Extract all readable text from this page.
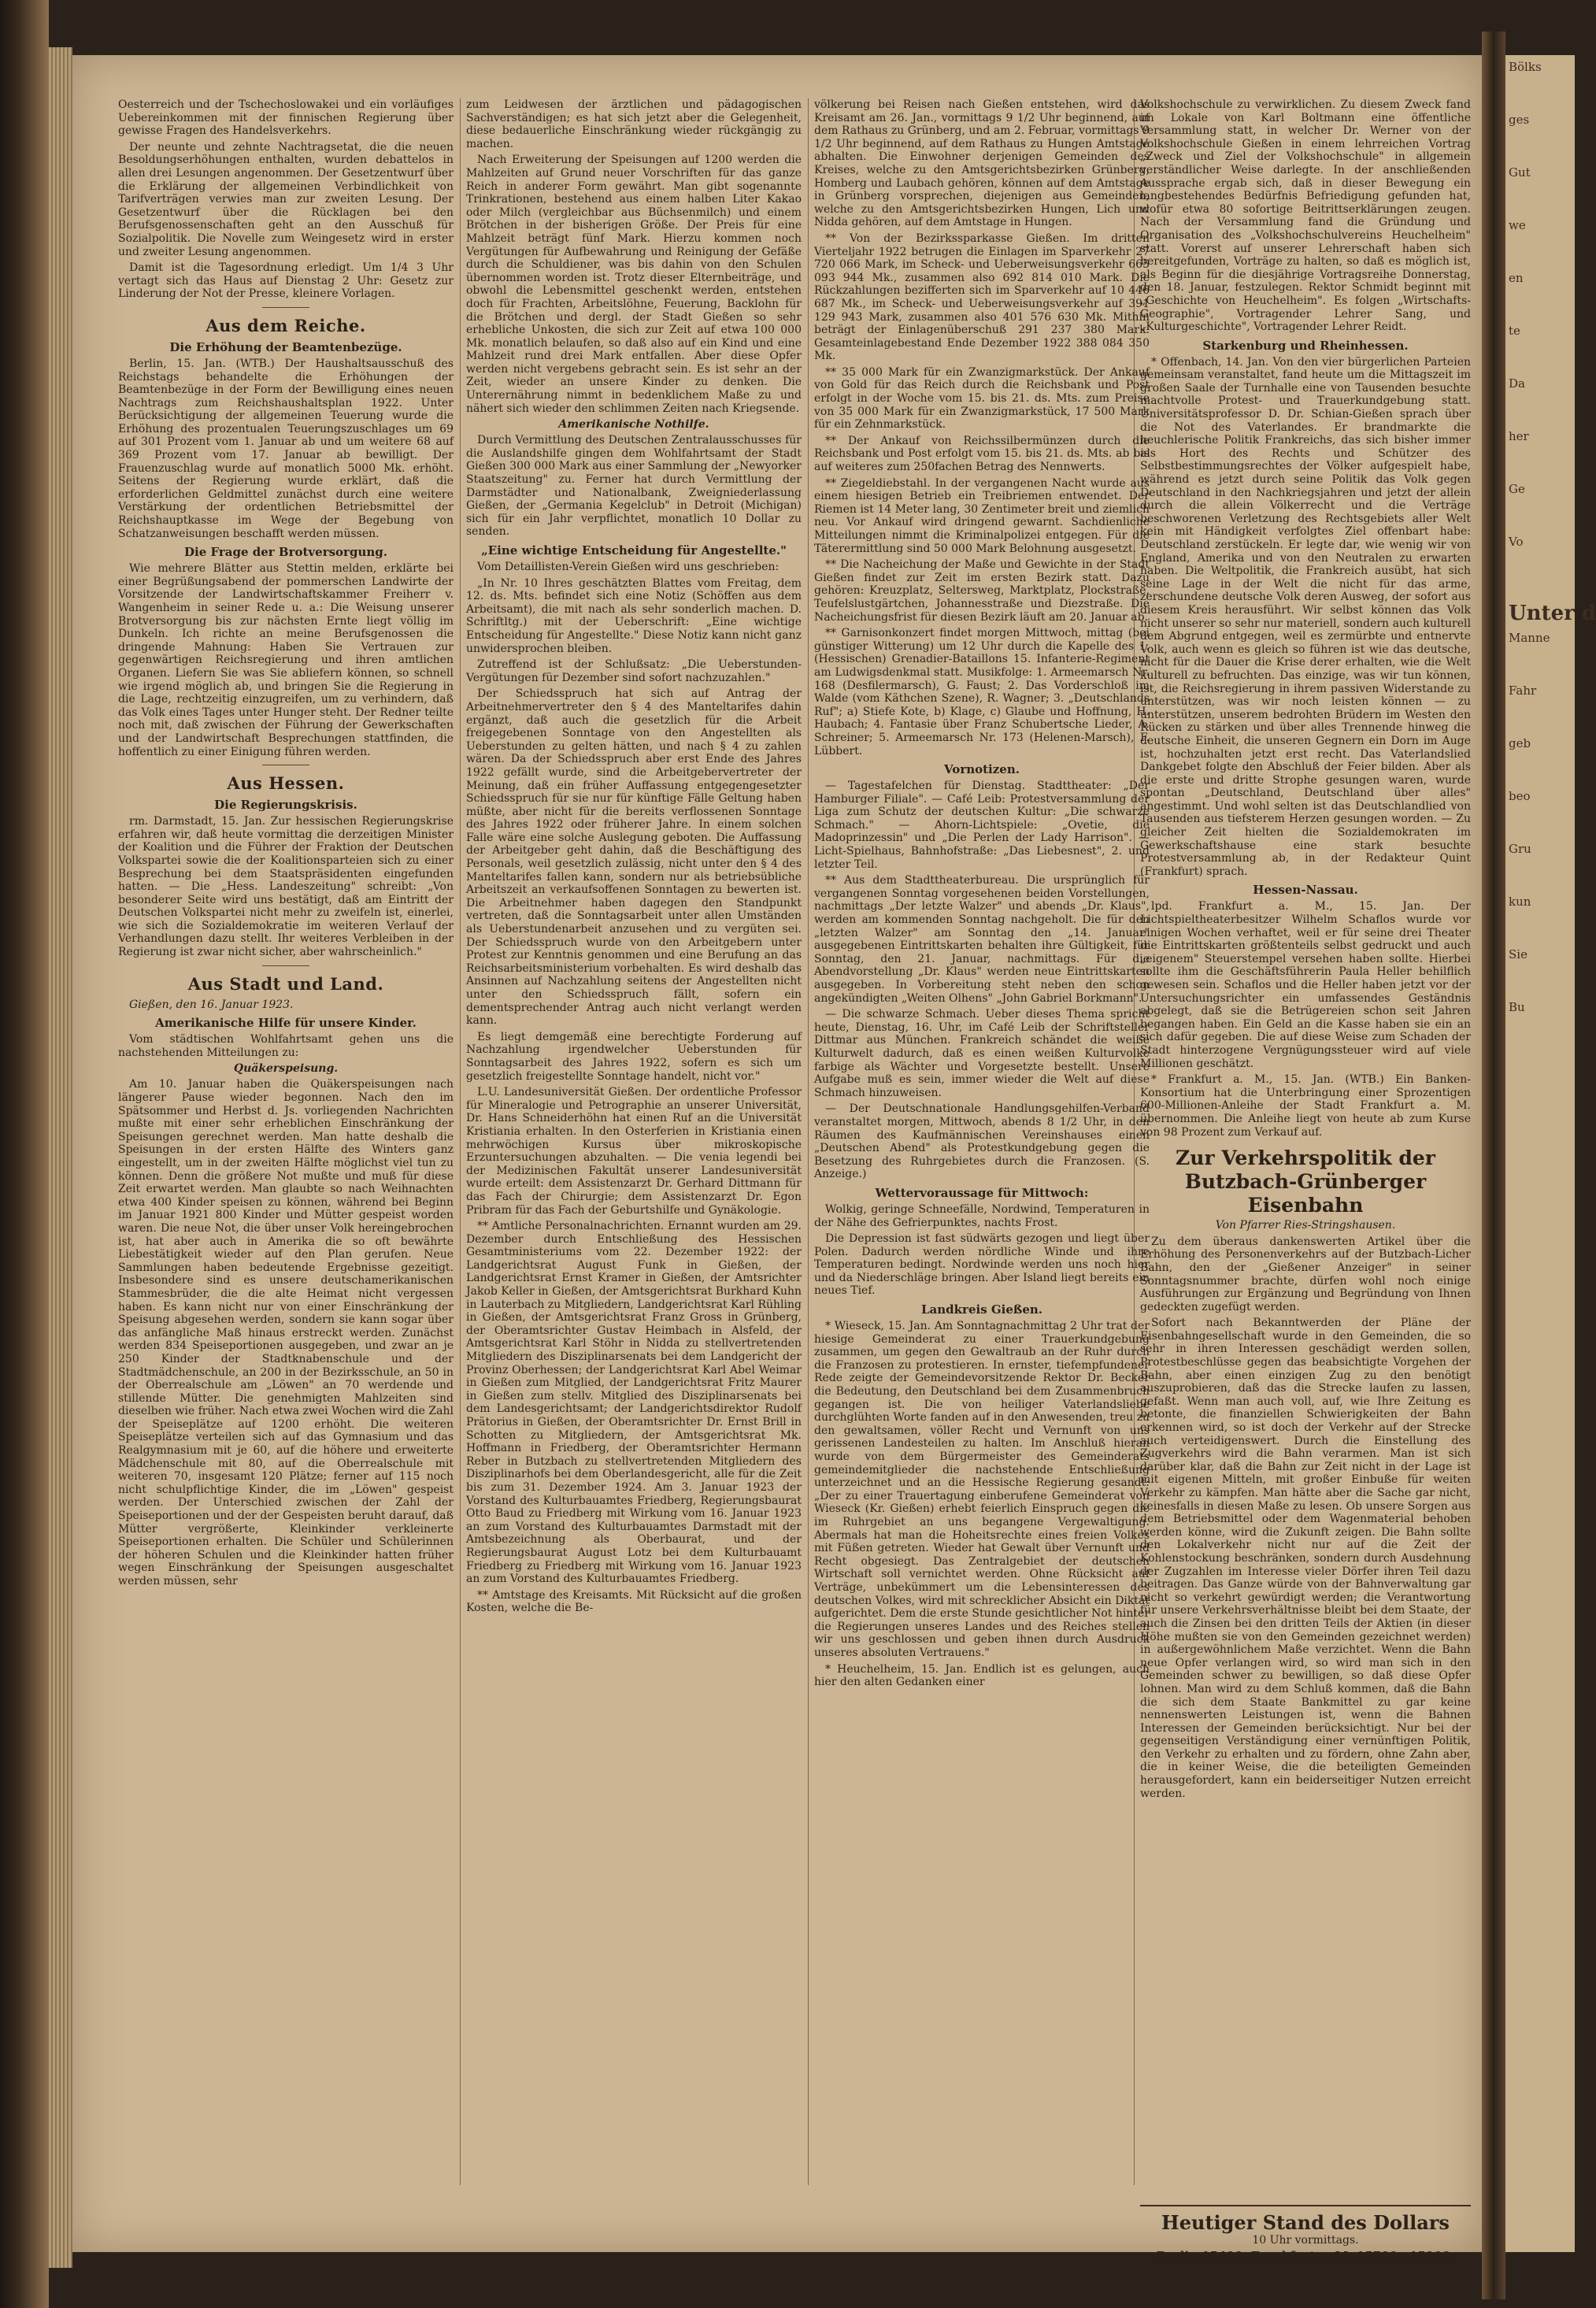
Oesterreich und der Tschechoslowakei und ein vorläufiges Uebereinkommen mit der finnischen Regierung über gewisse Fragen des Handelsverkehrs.

Der neunte und zehnte Nachtragsetat, die die neuen Besoldungserhöhungen enthalten, wurden debattelos in allen drei Lesungen angenommen. Der Gesetzentwurf über die Erklärung der allgemeinen Verbindlichkeit von Tarifverträgen verwies man zur zweiten Lesung. Der Gesetzentwurf über die Rücklagen bei den Berufsgenossenschaften geht an den Ausschuß für Sozialpolitik. Die Novelle zum Weingesetz wird in erster und zweiter Lesung angenommen.

Damit ist die Tagesordnung erledigt. Um 1/4 3 Uhr vertagt sich das Haus auf Dienstag 2 Uhr: Gesetz zur Linderung der Not der Presse, kleinere Vorlagen.

Aus dem Reiche.
Die Erhöhung der Beamtenbezüge.

Berlin, 15. Jan. (WTB.) Der Haushaltsausschuß des Reichstags behandelte die Erhöhungen der Beamtenbezüge in der Form der Bewilligung eines neuen Nachtrags zum Reichshaushaltsplan 1922. Unter Berücksichtigung der allgemeinen Teuerung wurde die Erhöhung des prozentualen Teuerungszuschlages um 69 auf 301 Prozent vom 1. Januar ab und um weitere 68 auf 369 Prozent vom 17. Januar ab bewilligt. Der Frauenzuschlag wurde auf monatlich 5000 Mk. erhöht. Seitens der Regierung wurde erklärt, daß die erforderlichen Geldmittel zunächst durch eine weitere Verstärkung der ordentlichen Betriebsmittel der Reichshauptkasse im Wege der Begebung von Schatzanweisungen beschafft werden müssen.

Die Frage der Brotversorgung.

Wie mehrere Blätter aus Stettin melden, erklärte bei einer Begrüßungsabend der pommerschen Landwirte der Vorsitzende der Landwirtschaftskammer Freiherr v. Wangenheim in seiner Rede u. a.: Die Weisung unserer Brotversorgung bis zur nächsten Ernte liegt völlig im Dunkeln. Ich richte an meine Berufsgenossen die dringende Mahnung: Haben Sie Vertrauen zur gegenwärtigen Reichsregierung und ihren amtlichen Organen. Liefern Sie was Sie abliefern können, so schnell wie irgend möglich ab, und bringen Sie die Regierung in die Lage, rechtzeitig einzugreifen, um zu verhindern, daß das Volk eines Tages unter Hunger steht. Der Redner teilte noch mit, daß zwischen der Führung der Gewerkschaften und der Landwirtschaft Besprechungen stattfinden, die hoffentlich zu einer Einigung führen werden.

Aus Hessen.
Die Regierungskrisis.

rm. Darmstadt, 15. Jan. Zur hessischen Regierungskrise erfahren wir, daß heute vormittag die derzeitigen Minister der Koalition und die Führer der Fraktion der Deutschen Volkspartei sowie die der Koalitionsparteien sich zu einer Besprechung bei dem Staatspräsidenten eingefunden hatten. — Die „Hess. Landeszeitung" schreibt: „Von besonderer Seite wird uns bestätigt, daß am Eintritt der Deutschen Volkspartei nicht mehr zu zweifeln ist, einerlei, wie sich die Sozialdemokratie im weiteren Verlauf der Verhandlungen dazu stellt. Ihr weiteres Verbleiben in der Regierung ist zwar nicht sicher, aber wahrscheinlich."

Aus Stadt und Land.

Gießen, den 16. Januar 1923.

Amerikanische Hilfe für unsere Kinder.

Vom städtischen Wohlfahrtsamt gehen uns die nachstehenden Mitteilungen zu:

Quäkerspeisung.

Am 10. Januar haben die Quäkerspeisungen nach längerer Pause wieder begonnen. Nach den im Spätsommer und Herbst d. Js. vorliegenden Nachrichten mußte mit einer sehr erheblichen Einschränkung der Speisungen gerechnet werden. Man hatte deshalb die Speisungen in der ersten Hälfte des Winters ganz eingestellt, um in der zweiten Hälfte möglichst viel tun zu können. Denn die größere Not mußte und muß für diese Zeit erwartet werden. Man glaubte so nach Weihnachten etwa 400 Kinder speisen zu können, während bei Beginn im Januar 1921 800 Kinder und Mütter gespeist worden waren. Die neue Not, die über unser Volk hereingebrochen ist, hat aber auch in Amerika die so oft bewährte Liebestätigkeit wieder auf den Plan gerufen. Neue Sammlungen haben bedeutende Ergebnisse gezeitigt. Insbesondere sind es unsere deutschamerikanischen Stammesbrüder, die die alte Heimat nicht vergessen haben. Es kann nicht nur von einer Einschränkung der Speisung abgesehen werden, sondern sie kann sogar über das anfängliche Maß hinaus erstreckt werden. Zunächst werden 834 Speiseportionen ausgegeben, und zwar an je 250 Kinder der Stadtknabenschule und der Stadtmädchenschule, an 200 in der Bezirksschule, an 50 in der Oberrealschule am „Löwen" an 70 werdende und stillende Mütter. Die genehmigten Mahlzeiten sind dieselben wie früher. Nach etwa zwei Wochen wird die Zahl der Speiseplätze auf 1200 erhöht. Die weiteren Speiseplätze verteilen sich auf das Gymnasium und das Realgymnasium mit je 60, auf die höhere und erweiterte Mädchenschule mit 80, auf die Oberrealschule mit weiteren 70, insgesamt 120 Plätze; ferner auf 115 noch nicht schulpflichtige Kinder, die im „Löwen" gespeist werden. Der Unterschied zwischen der Zahl der Speiseportionen und der der Gespeisten beruht darauf, daß Mütter vergrößerte, Kleinkinder verkleinerte Speiseportionen erhalten. Die Schüler und Schülerinnen der höheren Schulen und die Kleinkinder hatten früher wegen Einschränkung der Speisungen ausgeschaltet werden müssen, sehr

zum Leidwesen der ärztlichen und pädagogischen Sachverständigen; es hat sich jetzt aber die Gelegenheit, diese bedauerliche Einschränkung wieder rückgängig zu machen.

Nach Erweiterung der Speisungen auf 1200 werden die Mahlzeiten auf Grund neuer Vorschriften für das ganze Reich in anderer Form gewährt. Man gibt sogenannte Trinkrationen, bestehend aus einem halben Liter Kakao oder Milch (vergleichbar aus Büchsenmilch) und einem Brötchen in der bisherigen Größe. Der Preis für eine Mahlzeit beträgt fünf Mark. Hierzu kommen noch Vergütungen für Aufbewahrung und Reinigung der Gefäße durch die Schuldiener, was bis dahin von den Schulen übernommen worden ist. Trotz dieser Elternbeiträge, und obwohl die Lebensmittel geschenkt werden, entstehen doch für Frachten, Arbeitslöhne, Feuerung, Backlohn für die Brötchen und dergl. der Stadt Gießen so sehr erhebliche Unkosten, die sich zur Zeit auf etwa 100 000 Mk. monatlich belaufen, so daß also auf ein Kind und eine Mahlzeit rund drei Mark entfallen. Aber diese Opfer werden nicht vergebens gebracht sein. Es ist sehr an der Zeit, wieder an unsere Kinder zu denken. Die Unterernährung nimmt in bedenklichem Maße zu und nähert sich wieder den schlimmen Zeiten nach Kriegsende.

Amerikanische Nothilfe.

Durch Vermittlung des Deutschen Zentralausschusses für die Auslandshilfe gingen dem Wohlfahrtsamt der Stadt Gießen 300 000 Mark aus einer Sammlung der „Newyorker Staatszeitung" zu. Ferner hat durch Vermittlung der Darmstädter und Nationalbank, Zweigniederlassung Gießen, der „Germania Kegelclub" in Detroit (Michigan) sich für ein Jahr verpflichtet, monatlich 10 Dollar zu senden.

„Eine wichtige Entscheidung für Angestellte."

Vom Detaillisten-Verein Gießen wird uns geschrieben:

„In Nr. 10 Ihres geschätzten Blattes vom Freitag, dem 12. ds. Mts. befindet sich eine Notiz (Schöffen aus dem Arbeitsamt), die mit nach als sehr sonderlich machen. D. Schriftltg.) mit der Ueberschrift: „Eine wichtige Entscheidung für Angestellte." Diese Notiz kann nicht ganz unwidersprochen bleiben.

Zutreffend ist der Schlußsatz: „Die Ueberstunden-Vergütungen für Dezember sind sofort nachzuzahlen."

Der Schiedsspruch hat sich auf Antrag der Arbeitnehmervertreter den § 4 des Manteltarifes dahin ergänzt, daß auch die gesetzlich für die Arbeit freigegebenen Sonntage von den Angestellten als Ueberstunden zu gelten hätten, und nach § 4 zu zahlen wären. Da der Schiedsspruch aber erst Ende des Jahres 1922 gefällt wurde, sind die Arbeitgebervertreter der Meinung, daß ein früher Auffassung entgegengesetzter Schiedsspruch für sie nur für künftige Fälle Geltung haben müßte, aber nicht für die bereits verflossenen Sonntage des Jahres 1922 oder früherer Jahre. In einem solchen Falle wäre eine solche Auslegung geboten. Die Auffassung der Arbeitgeber geht dahin, daß die Beschäftigung des Personals, weil gesetzlich zulässig, nicht unter den § 4 des Manteltarifes fallen kann, sondern nur als betriebsübliche Arbeitszeit an verkaufsoffenen Sonntagen zu bewerten ist. Die Arbeitnehmer haben dagegen den Standpunkt vertreten, daß die Sonntagsarbeit unter allen Umständen als Ueberstundenarbeit anzusehen und zu vergüten sei. Der Schiedsspruch wurde von den Arbeitgebern unter Protest zur Kenntnis genommen und eine Berufung an das Reichsarbeitsministerium vorbehalten. Es wird deshalb das Ansinnen auf Nachzahlung seitens der Angestellten nicht unter den Schiedsspruch fällt, sofern ein dementsprechender Antrag auch nicht verlangt werden kann.

Es liegt demgemäß eine berechtigte Forderung auf Nachzahlung irgendwelcher Ueberstunden für Sonntagsarbeit des Jahres 1922, sofern es sich um gesetzlich freigestellte Sonntage handelt, nicht vor."

L.U. Landesuniversität Gießen. Der ordentliche Professor für Mineralogie und Petrographie an unserer Universität, Dr. Hans Schneiderhöhn hat einen Ruf an die Universität Kristiania erhalten. In den Osterferien in Kristiania einen mehrwöchigen Kursus über mikroskopische Erzuntersuchungen abzuhalten. — Die venia legendi bei der Medizinischen Fakultät unserer Landesuniversität wurde erteilt: dem Assistenzarzt Dr. Gerhard Dittmann für das Fach der Chirurgie; dem Assistenzarzt Dr. Egon Pribram für das Fach der Geburtshilfe und Gynäkologie.

** Amtliche Personalnachrichten. Ernannt wurden am 29. Dezember durch Entschließung des Hessischen Gesamtministeriums vom 22. Dezember 1922: der Landgerichtsrat August Funk in Gießen, der Landgerichtsrat Ernst Kramer in Gießen, der Amtsrichter Jakob Keller in Gießen, der Amtsgerichtsrat Burkhard Kuhn in Lauterbach zu Mitgliedern, Landgerichtsrat Karl Rühling in Gießen, der Amtsgerichtsrat Franz Gross in Grünberg, der Oberamtsrichter Gustav Heimbach in Alsfeld, der Amtsgerichtsrat Karl Stöhr in Nidda zu stellvertretenden Mitgliedern des Disziplinarsenats bei dem Landgericht der Provinz Oberhessen; der Landgerichtsrat Karl Abel Weimar in Gießen zum Mitglied, der Landgerichtsrat Fritz Maurer in Gießen zum stellv. Mitglied des Disziplinarsenats bei dem Landesgerichtsamt; der Landgerichtsdirektor Rudolf Prätorius in Gießen, der Oberamtsrichter Dr. Ernst Brill in Schotten zu Mitgliedern, der Amtsgerichtsrat Mk. Hoffmann in Friedberg, der Oberamtsrichter Hermann Reber in Butzbach zu stellvertretenden Mitgliedern des Disziplinarhofs bei dem Oberlandesgericht, alle für die Zeit bis zum 31. Dezember 1924. Am 3. Januar 1923 der Vorstand des Kulturbauamtes Friedberg, Regierungsbaurat Otto Baud zu Friedberg mit Wirkung vom 16. Januar 1923 an zum Vorstand des Kulturbauamtes Darmstadt mit der Amtsbezeichnung als Oberbaurat, und der Regierungsbaurat August Lotz bei dem Kulturbauamt Friedberg zu Friedberg mit Wirkung vom 16. Januar 1923 an zum Vorstand des Kulturbauamtes Friedberg.

** Amtstage des Kreisamts. Mit Rücksicht auf die großen Kosten, welche die Be-

völkerung bei Reisen nach Gießen entstehen, wird das Kreisamt am 26. Jan., vormittags 9 1/2 Uhr beginnend, auf dem Rathaus zu Grünberg, und am 2. Februar, vormittags 9 1/2 Uhr beginnend, auf dem Rathaus zu Hungen Amtstage abhalten. Die Einwohner derjenigen Gemeinden des Kreises, welche zu den Amtsgerichtsbezirken Grünberg, Homberg und Laubach gehören, können auf dem Amtstage in Grünberg vorsprechen, diejenigen aus Gemeinden, welche zu den Amtsgerichtsbezirken Hungen, Lich und Nidda gehören, auf dem Amtstage in Hungen.

** Von der Bezirkssparkasse Gießen. Im dritten Vierteljahr 1922 betrugen die Einlagen im Sparverkehr 27 720 066 Mark, im Scheck- und Ueberweisungsverkehr 665 093 944 Mk., zusammen also 692 814 010 Mark. Die Rückzahlungen bezifferten sich im Sparverkehr auf 10 446 687 Mk., im Scheck- und Ueberweisungsverkehr auf 391 129 943 Mark, zusammen also 401 576 630 Mk. Mithin beträgt der Einlagenüberschuß 291 237 380 Mark. Gesamteinlagebestand Ende Dezember 1922 388 084 350 Mk.

** 35 000 Mark für ein Zwanzigmarkstück. Der Ankauf von Gold für das Reich durch die Reichsbank und Post erfolgt in der Woche vom 15. bis 21. ds. Mts. zum Preise von 35 000 Mark für ein Zwanzigmarkstück, 17 500 Mark für ein Zehnmarkstück.

** Der Ankauf von Reichssilbermünzen durch die Reichsbank und Post erfolgt vom 15. bis 21. ds. Mts. ab bis auf weiteres zum 250fachen Betrag des Nennwerts.

** Ziegeldiebstahl. In der vergangenen Nacht wurde aus einem hiesigen Betrieb ein Treibriemen entwendet. Der Riemen ist 14 Meter lang, 30 Zentimeter breit und ziemlich neu. Vor Ankauf wird dringend gewarnt. Sachdienliche Mitteilungen nimmt die Kriminalpolizei entgegen. Für die Täterermittlung sind 50 000 Mark Belohnung ausgesetzt.

** Die Nacheichung der Maße und Gewichte in der Stadt Gießen findet zur Zeit im ersten Bezirk statt. Dazu gehören: Kreuzplatz, Seltersweg, Marktplatz, Plockstraße, Teufelslustgärtchen, Johannesstraße und Diezstraße. Die Nacheichungsfrist für diesen Bezirk läuft am 20. Januar ab.

** Garnisonkonzert findet morgen Mittwoch, mittag (bei günstiger Witterung) um 12 Uhr durch die Kapelle des 1. (Hessischen) Grenadier-Bataillons 15. Infanterie-Regiment am Ludwigsdenkmal statt. Musikfolge: 1. Armeemarsch Nr. 168 (Desfilermarsch), G. Faust; 2. Das Vorderschloß im Walde (vom Käthchen Szene), R. Wagner; 3. „Deutschlands Ruf"; a) Stiefe Kote, b) Klage, c) Glaube und Hoffnung, H. Haubach; 4. Fantasie über Franz Schubertsche Lieder, A. Schreiner; 5. Armeemarsch Nr. 173 (Helenen-Marsch), F. Lübbert.

Vornotizen.

— Tagestafelchen für Dienstag. Stadttheater: „Der Hamburger Filiale". — Café Leib: Protestversammlung der Liga zum Schutz der deutschen Kultur: „Die schwarze Schmach." — Ahorn-Lichtspiele: „Ovetie, die Madoprinzessin" und „Die Perlen der Lady Harrison". — Licht-Spielhaus, Bahnhofstraße: „Das Liebesnest", 2. und letzter Teil.

** Aus dem Stadttheaterbureau. Die ursprünglich für vergangenen Sonntag vorgesehenen beiden Vorstellungen, nachmittags „Der letzte Walzer" und abends „Dr. Klaus", werden am kommenden Sonntag nachgeholt. Die für den „letzten Walzer" am Sonntag den „14. Januar" ausgegebenen Eintrittskarten behalten ihre Gültigkeit, für Sonntag, den 21. Januar, nachmittags. Für die Abendvorstellung „Dr. Klaus" werden neue Eintrittskarten ausgegeben. In Vorbereitung steht neben den schon angekündigten „Weiten Olhens" „John Gabriel Borkmann".

— Die schwarze Schmach. Ueber dieses Thema spricht heute, Dienstag, 16. Uhr, im Café Leib der Schriftsteller Dittmar aus München. Frankreich schändet die weiße Kulturwelt dadurch, daß es einen weißen Kulturvolke farbige als Wächter und Vorgesetzte bestellt. Unsere Aufgabe muß es sein, immer wieder die Welt auf diese Schmach hinzuweisen.

— Der Deutschnationale Handlungsgehilfen-Verband veranstaltet morgen, Mittwoch, abends 8 1/2 Uhr, in den Räumen des Kaufmännischen Vereinshauses einen „Deutschen Abend" als Protestkundgebung gegen die Besetzung des Ruhrgebietes durch die Franzosen. (S. Anzeige.)

Wettervoraussage für Mittwoch:

Wolkig, geringe Schneefälle, Nordwind, Temperaturen in der Nähe des Gefrierpunktes, nachts Frost.

Die Depression ist fast südwärts gezogen und liegt über Polen. Dadurch werden nördliche Winde und ihre Temperaturen bedingt. Nordwinde werden uns noch hier und da Niederschläge bringen. Aber Island liegt bereits ein neues Tief.

Landkreis Gießen.

* Wieseck, 15. Jan. Am Sonntagnachmittag 2 Uhr trat der hiesige Gemeinderat zu einer Trauerkundgebung zusammen, um gegen den Gewaltraub an der Ruhr durch die Franzosen zu protestieren. In ernster, tiefempfundener Rede zeigte der Gemeindevorsitzende Rektor Dr. Becker die Bedeutung, den Deutschland bei dem Zusammenbruch gegangen ist. Die von heiliger Vaterlandsliebe durchglühten Worte fanden auf in den Anwesenden, treu zu den gewaltsamen, völler Recht und Vernunft von uns gerissenen Landesteilen zu halten. Im Anschluß hieran wurde von dem Bürgermeister des Gemeinderats gemeindemitglieder die nachstehende Entschließung unterzeichnet und an die Hessische Regierung gesandt: „Der zu einer Trauertagung einberufene Gemeinderat von Wieseck (Kr. Gießen) erhebt feierlich Einspruch gegen die im Ruhrgebiet an uns begangene Vergewaltigung. Abermals hat man die Hoheitsrechte eines freien Volkes mit Füßen getreten. Wieder hat Gewalt über Vernunft und Recht obgesiegt. Das Zentralgebiet der deutschen Wirtschaft soll vernichtet werden. Ohne Rücksicht auf Verträge, unbekümmert um die Lebensinteressen des deutschen Volkes, wird mit schrecklicher Absicht ein Diktat aufgerichtet. Dem die erste Stunde gesichtlicher Not hinter die Regierungen unseres Landes und des Reiches stellen wir uns geschlossen und geben ihnen durch Ausdruck unseres absoluten Vertrauens."

* Heuchelheim, 15. Jan. Endlich ist es gelungen, auch hier den alten Gedanken einer

Volkshochschule zu verwirklichen. Zu diesem Zweck fand im Lokale von Karl Boltmann eine öffentliche Versammlung statt, in welcher Dr. Werner von der Volkshochschule Gießen in einem lehrreichen Vortrag „Zweck und Ziel der Volkshochschule" in allgemein verständlicher Weise darlegte. In der anschließenden Aussprache ergab sich, daß in dieser Bewegung ein langbestehendes Bedürfnis Befriedigung gefunden hat, wofür etwa 80 sofortige Beitrittserklärungen zeugen. Nach der Versammlung fand die Gründung und Organisation des „Volkshochschulvereins Heuchelheim" statt. Vorerst auf unserer Lehrerschaft haben sich bereitgefunden, Vorträge zu halten, so daß es möglich ist, als Beginn für die diesjährige Vortragsreihe Donnerstag, den 18. Januar, festzulegen. Rektor Schmidt beginnt mit „Geschichte von Heuchelheim". Es folgen „Wirtschafts-Geographie", Vortragender Lehrer Sang, und „Kulturgeschichte", Vortragender Lehrer Reidt.

Starkenburg und Rheinhessen.

* Offenbach, 14. Jan. Von den vier bürgerlichen Parteien gemeinsam veranstaltet, fand heute um die Mittagszeit im großen Saale der Turnhalle eine von Tausenden besuchte machtvolle Protest- und Trauerkundgebung statt. Universitätsprofessor D. Dr. Schian-Gießen sprach über die Not des Vaterlandes. Er brandmarkte die heuchlerische Politik Frankreichs, das sich bisher immer als Hort des Rechts und Schützer des Selbstbestimmungsrechtes der Völker aufgespielt habe, während es jetzt durch seine Politik das Volk gegen Deutschland in den Nachkriegsjahren und jetzt der allein durch die allein Völkerrecht und die Verträge beschworenen Verletzung des Rechtsgebiets aller Welt kein mit Händigkeit verfolgtes Ziel offenbart habe: Deutschland zerstückeln. Er legte dar, wie wenig wir von England, Amerika und von den Neutralen zu erwarten haben. Die Weltpolitik, die Frankreich ausübt, hat sich seine Lage in der Welt die nicht für das arme, zerschundene deutsche Volk deren Ausweg, der sofort aus diesem Kreis herausführt. Wir selbst können das Volk nicht unserer so sehr nur materiell, sondern auch kulturell dem Abgrund entgegen, weil es zermürbte und entnervte Volk, auch wenn es gleich so führen ist wie das deutsche, nicht für die Dauer die Krise derer erhalten, wie die Welt kulturell zu befruchten. Das einzige, was wir tun können, ist, die Reichsregierung in ihrem passiven Widerstande zu unterstützen, was wir noch leisten können — zu unterstützen, unserem bedrohten Brüdern im Westen den Rücken zu stärken und über alles Trennende hinweg die deutsche Einheit, die unseren Gegnern ein Dorn im Auge ist, hochzuhalten jetzt erst recht. Das Vaterlandslied Dankgebet folgte den Abschluß der Feier bilden. Aber als die erste und dritte Strophe gesungen waren, wurde spontan „Deutschland, Deutschland über alles" angestimmt. Und wohl selten ist das Deutschlandlied von Tausenden aus tiefsterem Herzen gesungen worden. — Zu gleicher Zeit hielten die Sozialdemokraten im Gewerkschaftshause eine stark besuchte Protestversammlung ab, in der Redakteur Quint (Frankfurt) sprach.

Hessen-Nassau.

lpd. Frankfurt a. M., 15. Jan. Der Lichtspieltheaterbesitzer Wilhelm Schaflos wurde vor einigen Wochen verhaftet, weil er für seine drei Theater die Eintrittskarten größtenteils selbst gedruckt und auch „eigenem" Steuerstempel versehen haben sollte. Hierbei sollte ihm die Geschäftsführerin Paula Heller behilflich gewesen sein. Schaflos und die Heller haben jetzt vor der Untersuchungsrichter ein umfassendes Geständnis abgelegt, daß sie die Betrügereien schon seit Jahren begangen haben. Ein Geld an die Kasse haben sie ein an sich dafür gegeben. Die auf diese Weise zum Schaden der Stadt hinterzogene Vergnügungssteuer wird auf viele Millionen geschätzt.

* Frankfurt a. M., 15. Jan. (WTB.) Ein Banken-Konsortium hat die Unterbringung einer Sprozentigen 600-Millionen-Anleihe der Stadt Frankfurt a. M. übernommen. Die Anleihe liegt von heute ab zum Kurse von 98 Prozent zum Verkauf auf.

Zur Verkehrspolitik der Butzbach-Grünberger Eisenbahn

Von Pfarrer Ries-Stringshausen.

Zu dem überaus dankenswerten Artikel über die Erhöhung des Personenverkehrs auf der Butzbach-Licher Bahn, den der „Gießener Anzeiger" in seiner Sonntagsnummer brachte, dürfen wohl noch einige Ausführungen zur Ergänzung und Begründung von Ihnen gedeckten zugefügt werden.

Sofort nach Bekanntwerden der Pläne der Eisenbahngesellschaft wurde in den Gemeinden, die so sehr in ihren Interessen geschädigt werden sollen, Protestbeschlüsse gegen das beabsichtigte Vorgehen der Bahn, aber einen einzigen Zug zu den benötigt auszuprobieren, daß das die Strecke laufen zu lassen, gefaßt. Wenn man auch voll, auf, wie Ihre Zeitung es betonte, die finanziellen Schwierigkeiten der Bahn erkennen wird, so ist doch der Verkehr auf der Strecke auch verteidigenswert. Durch die Einstellung des Zugverkehrs wird die Bahn verarmen. Man ist sich darüber klar, daß die Bahn zur Zeit nicht in der Lage ist mit eigenen Mitteln, mit großer Einbuße für weiten Verkehr zu kämpfen. Man hätte aber die Sache gar nicht, keinesfalls in diesen Maße zu lesen. Ob unsere Sorgen aus dem Betriebsmittel oder dem Wagenmaterial behoben werden könne, wird die Zukunft zeigen. Die Bahn sollte den Lokalverkehr nicht nur auf die Zeit der Kohlenstockung beschränken, sondern durch Ausdehnung der Zugzahlen im Interesse vieler Dörfer ihren Teil dazu beitragen. Das Ganze würde von der Bahnverwaltung gar nicht so verkehrt gewürdigt werden; die Verantwortung für unsere Verkehrsverhältnisse bleibt bei dem Staate, der auch die Zinsen bei den dritten Teils der Aktien (in dieser Höhe mußten sie von den Gemeinden gezeichnet werden) in außergewöhnlichem Maße verzichtet. Wenn die Bahn neue Opfer verlangen wird, so wird man sich in den Gemeinden schwer zu bewilligen, so daß diese Opfer lohnen. Man wird zu dem Schluß kommen, daß die Bahn die sich dem Staate Bankmittel zu gar keine nennenswerten Leistungen ist, wenn die Bahnen Interessen der Gemeinden berücksichtigt. Nur bei der gegenseitigen Verständigung einer vernünftigen Politik, den Verkehr zu erhalten und zu fördern, ohne Zahn aber, die in keiner Weise, die die beteiligten Gemeinden herausgefordert, kann ein beiderseitiger Nutzen erreicht werden.

Heutiger Stand des Dollars
10 Uhr vormittags.
Berlin 15400. Frankfurt a. M. 15700—15900.
Bölks
ges
Gut
we
en
te
Da
her
Ge
Vo
Unter d
Manne
Fahr
geb
beo
Gru
kun
Sie
Bu
